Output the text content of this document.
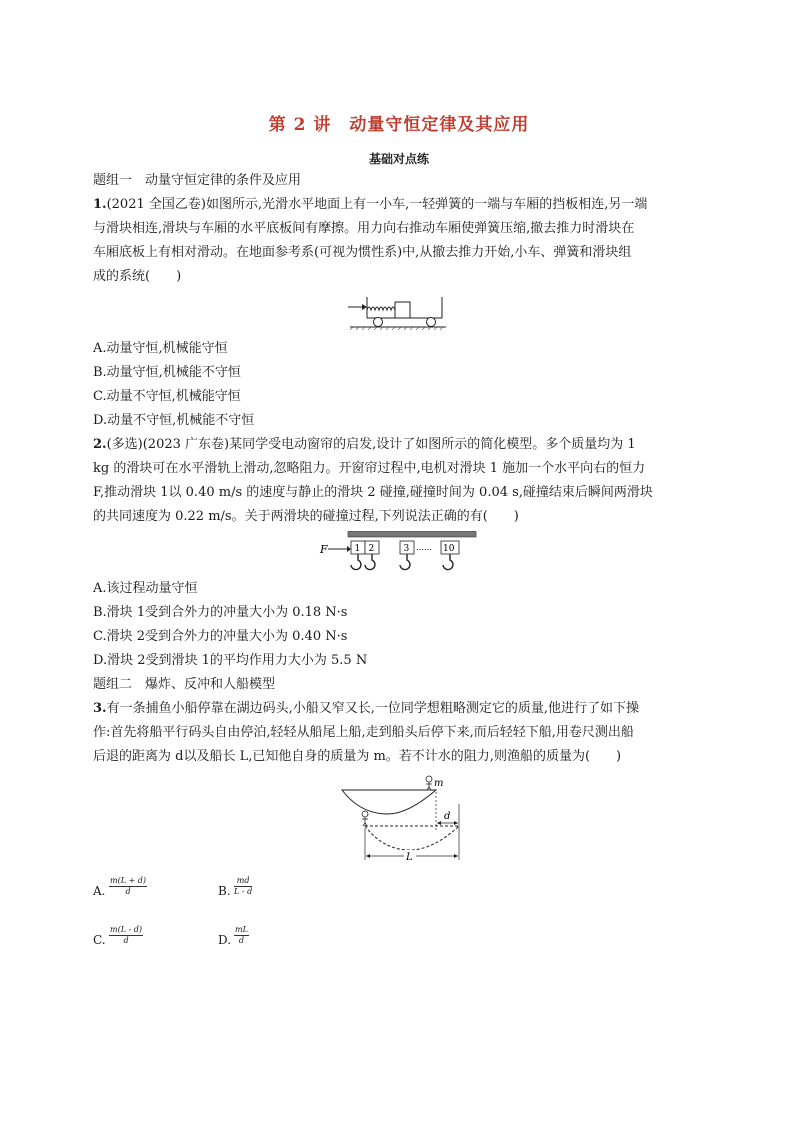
第 2 讲　动量守恒定律及其应用
基础对点练
题组一　动量守恒定律的条件及应用
1.(2021 全国乙卷)如图所示,光滑水平地面上有一小车,一轻弹簧的一端与车厢的挡板相连,另一端
与滑块相连,滑块与车厢的水平底板间有摩擦。用力向右推动车厢使弹簧压缩,撤去推力时滑块在
车厢底板上有相对滑动。在地面参考系(可视为惯性系)中,从撤去推力开始,小车、弹簧和滑块组
成的系统(　　)
A.动量守恒,机械能守恒
B.动量守恒,机械能不守恒
C.动量不守恒,机械能守恒
D.动量不守恒,机械能不守恒
2.(多选)(2023 广东卷)某同学受电动窗帘的启发,设计了如图所示的简化模型。多个质量均为 1
kg 的滑块可在水平滑轨上滑动,忽略阻力。开窗帘过程中,电机对滑块 1 施加一个水平向右的恒力
F,推动滑块 1以 0.40 m/s 的速度与静止的滑块 2 碰撞,碰撞时间为 0.04 s,碰撞结束后瞬间两滑块
的共同速度为 0.22 m/s。关于两滑块的碰撞过程,下列说法正确的有(　　)
F	1 2	3 …… 10
A.该过程动量守恒
B.滑块 1受到合外力的冲量大小为 0.18 N·s
C.滑块 2受到合外力的冲量大小为 0.40 N·s
D.滑块 2受到滑块 1的平均作用力大小为 5.5 N
题组二　爆炸、反冲和人船模型
3.有一条捕鱼小船停靠在湖边码头,小船又窄又长,一位同学想粗略测定它的质量,他进行了如下操
作:首先将船平行码头自由停泊,轻轻从船尾上船,走到船头后停下来,而后轻轻下船,用卷尺测出船
后退的距离为 d以及船长 L,已知他自身的质量为 m。若不计水的阻力,则渔船的质量为(　　)
m
d
L
A. $\frac{m(L + d)}{d}$	B. $\frac{md}{L - d}$
C. $\frac{m(L - d)}{d}$	D. $\frac{mL}{d}$
